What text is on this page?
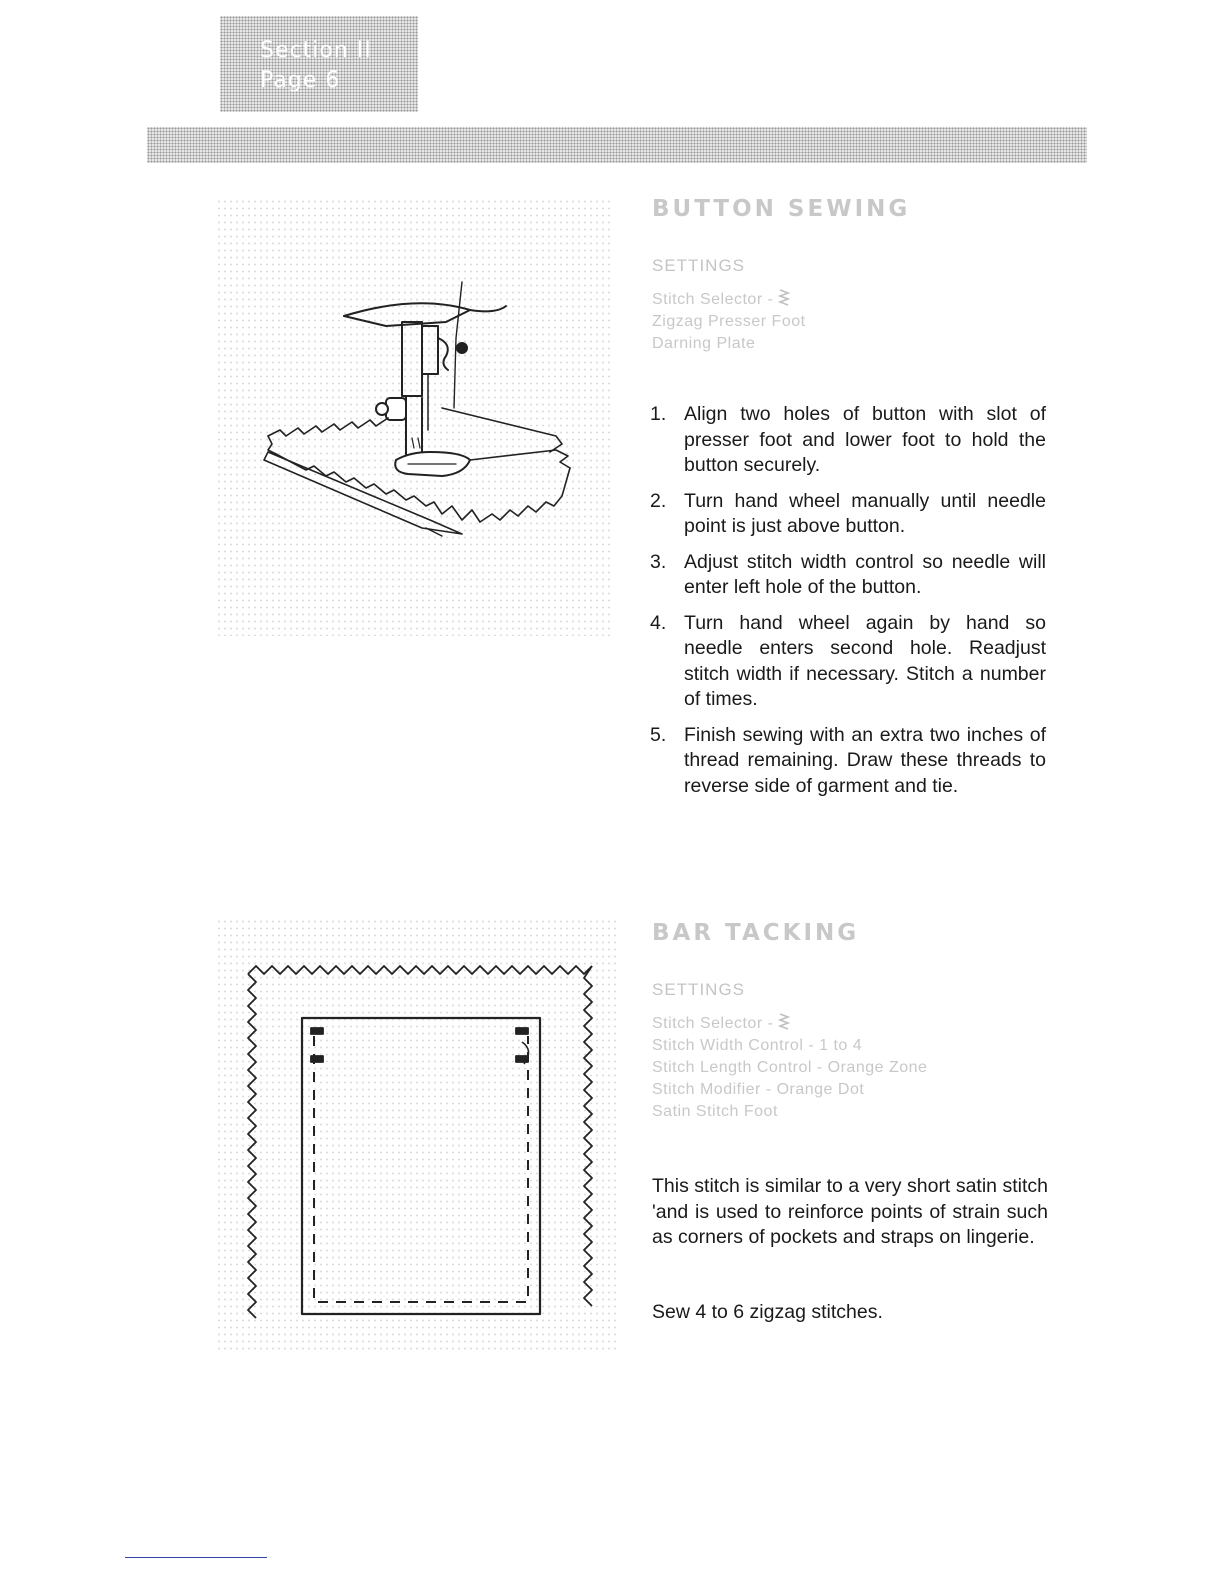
Section II
Page 6
BUTTON SEWING
SETTINGS
Stitch Selector -
Zigzag Presser Foot
Darning Plate
1. Align two holes of button with slot of presser foot and lower foot to hold the button securely.
2. Turn hand wheel manually until needle point is just above button.
3. Adjust stitch width control so needle will enter left hole of the button.
4. Turn hand wheel again by hand so needle enters second hole. Readjust stitch width if necessary. Stitch a number of times.
5. Finish sewing with an extra two inches of thread remaining. Draw these threads to reverse side of garment and tie.
BAR TACKING
SETTINGS
Stitch Selector -
Stitch Width Control - 1 to 4
Stitch Length Control - Orange Zone
Stitch Modifier - Orange Dot
Satin Stitch Foot

This stitch is similar to a very short satin stitch 'and is used to reinforce points of strain such as corners of pockets and straps on lingerie.

Sew 4 to 6 zigzag stitches.
